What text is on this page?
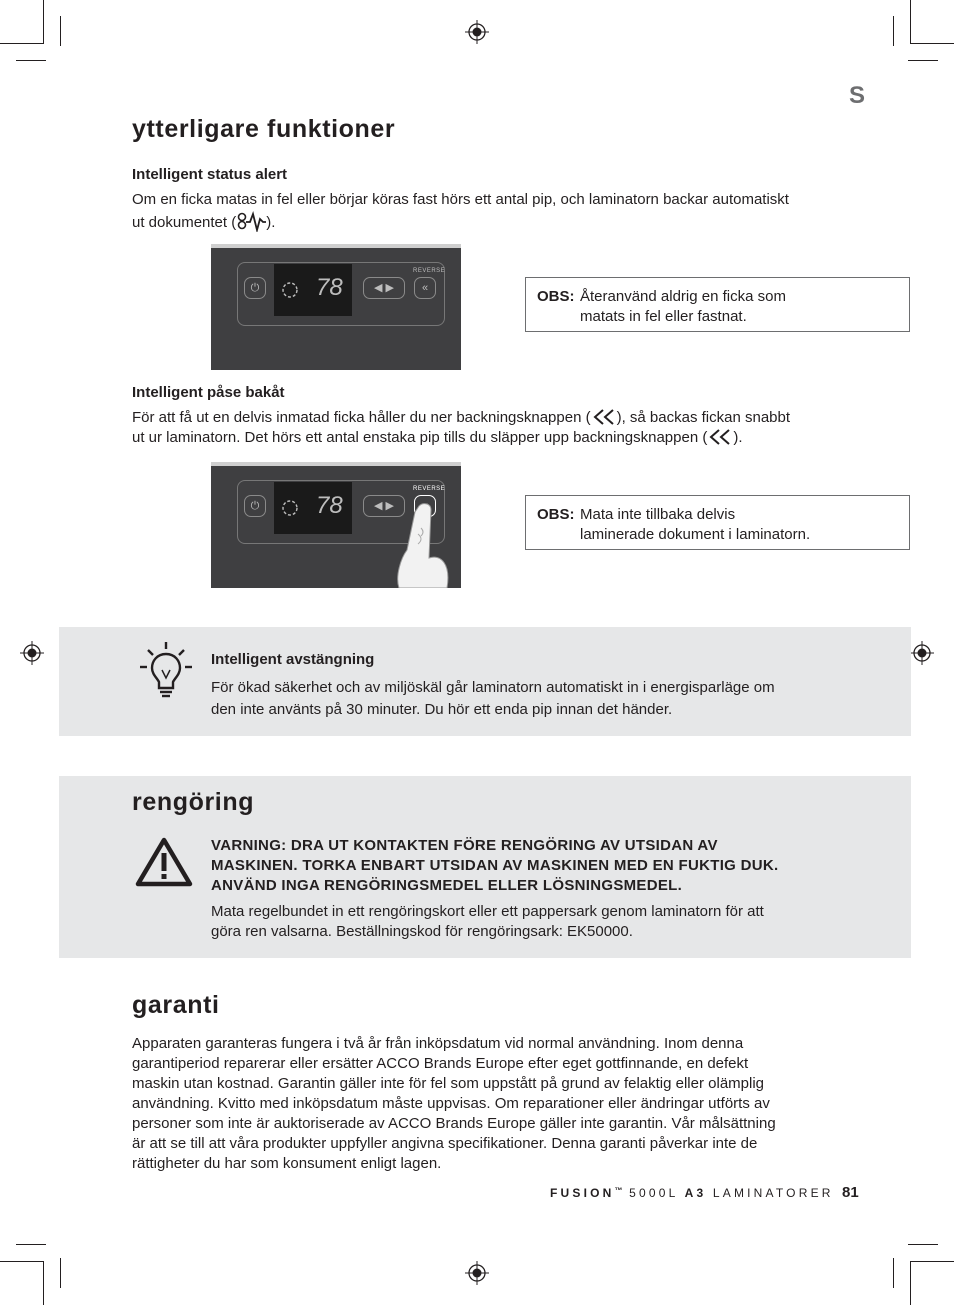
S
ytterligare funktioner

Intelligent status alert

Om en ficka matas in fel eller börjar köras fast hörs ett antal pip, och laminatorn backar automatiskt

ut dokumentet ( ).

⏻ 78	◀ ▶	«
REVERSE
OBS: Återanvänd aldrig en ficka som
matats in fel eller fastnat.

Intelligent påse bakåt

För att få ut en delvis inmatad ficka håller du ner backningsknappen ( ), så backas fickan snabbt

ut ur laminatorn. Det hörs ett antal enstaka pip tills du släpper upp backningsknappen ( ).

⏻ 78	◀ ▶
REVERSE
OBS: Mata inte tillbaka delvis
laminerade dokument i laminatorn.

Intelligent avstängning

För ökad säkerhet och av miljöskäl går laminatorn automatiskt in i energisparläge om

den inte använts på 30 minuter. Du hör ett enda pip innan det händer.

rengöring

VARNING: DRA UT KONTAKTEN FÖRE RENGÖRING AV UTSIDAN AV

MASKINEN. TORKA ENBART UTSIDAN AV MASKINEN MED EN FUKTIG DUK.

ANVÄND INGA RENGÖRINGSMEDEL ELLER LÖSNINGSMEDEL.

Mata regelbundet in ett rengöringskort eller ett pappersark genom laminatorn för att

göra ren valsarna. Beställningskod för rengöringsark: EK50000.

garanti
Apparaten garanteras fungera i två år från inköpsdatum vid normal användning. Inom denna
garantiperiod reparerar eller ersätter ACCO Brands Europe efter eget gottfinnande, en defekt
maskin utan kostnad. Garantin gäller inte för fel som uppstått på grund av felaktig eller olämplig
användning. Kvitto med inköpsdatum måste uppvisas. Om reparationer eller ändringar utförts av
personer som inte är auktoriserade av ACCO Brands Europe gäller inte garantin. Vår målsättning
är att se till att våra produkter uppfyller angivna specifikationer. Denna garanti påverkar inte de
rättigheter du har som konsument enligt lagen.
FUSION™ 5000L A3 LAMINATORER 81
